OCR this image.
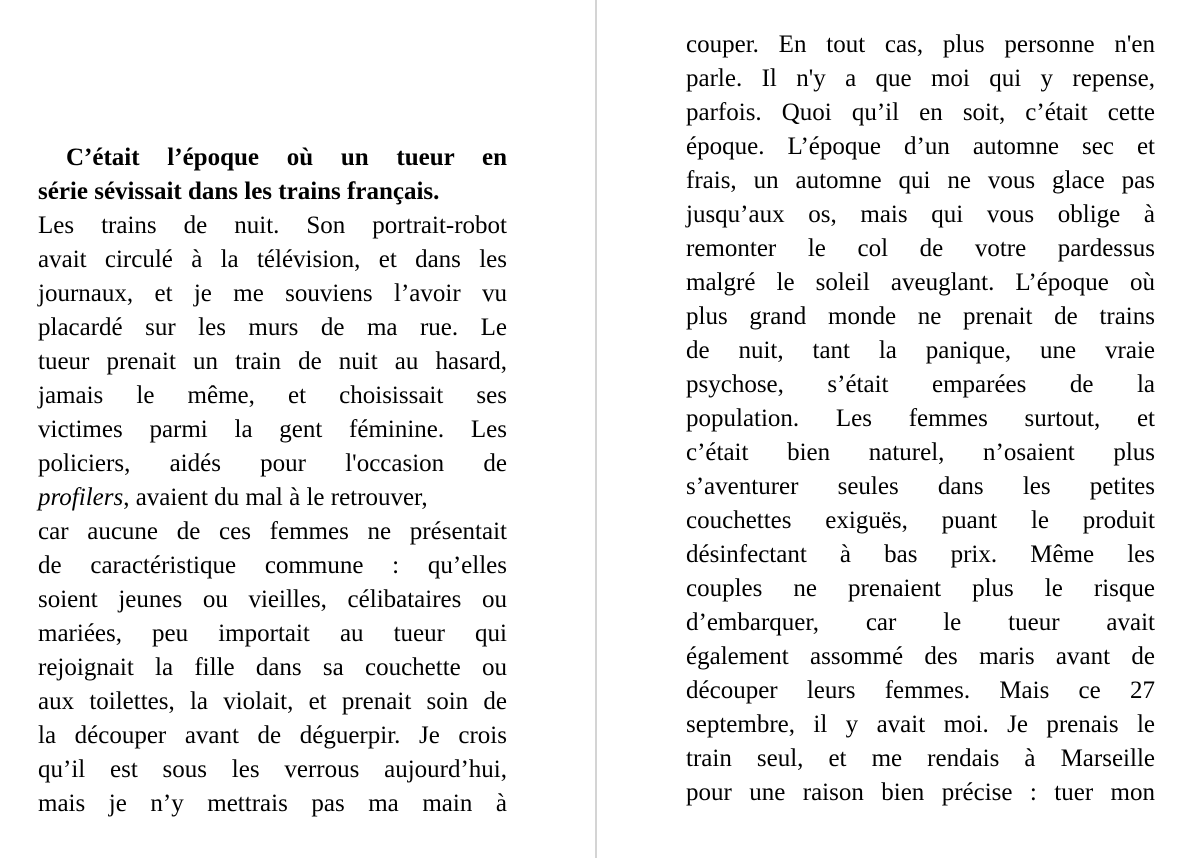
C’était l’époque où un tueur en
série sévissait dans les trains français.
Les trains de nuit. Son portrait-robot
avait circulé à la télévision, et dans les
journaux, et je me souviens l’avoir vu
placardé sur les murs de ma rue. Le
tueur prenait un train de nuit au hasard,
jamais le même, et choisissait ses
victimes parmi la gent féminine. Les
policiers, aidés pour l'occasion de
profilers, avaient du mal à le retrouver,
car aucune de ces femmes ne présentait
de caractéristique commune : qu’elles
soient jeunes ou vieilles, célibataires ou
mariées, peu importait au tueur qui
rejoignait la fille dans sa couchette ou
aux toilettes, la violait, et prenait soin de
la découper avant de déguerpir. Je crois
qu’il est sous les verrous aujourd’hui,
mais je n’y mettrais pas ma main à
couper. En tout cas, plus personne n'en
parle. Il n'y a que moi qui y repense,
parfois. Quoi qu’il en soit, c’était cette
époque. L’époque d’un automne sec et
frais, un automne qui ne vous glace pas
jusqu’aux os, mais qui vous oblige à
remonter le col de votre pardessus
malgré le soleil aveuglant. L’époque où
plus grand monde ne prenait de trains
de nuit, tant la panique, une vraie
psychose, s’était emparées de la
population. Les femmes surtout, et
c’était bien naturel, n’osaient plus
s’aventurer seules dans les petites
couchettes exiguës, puant le produit
désinfectant à bas prix. Même les
couples ne prenaient plus le risque
d’embarquer, car le tueur avait
également assommé des maris avant de
découper leurs femmes. Mais ce 27
septembre, il y avait moi. Je prenais le
train seul, et me rendais à Marseille
pour une raison bien précise : tuer mon
